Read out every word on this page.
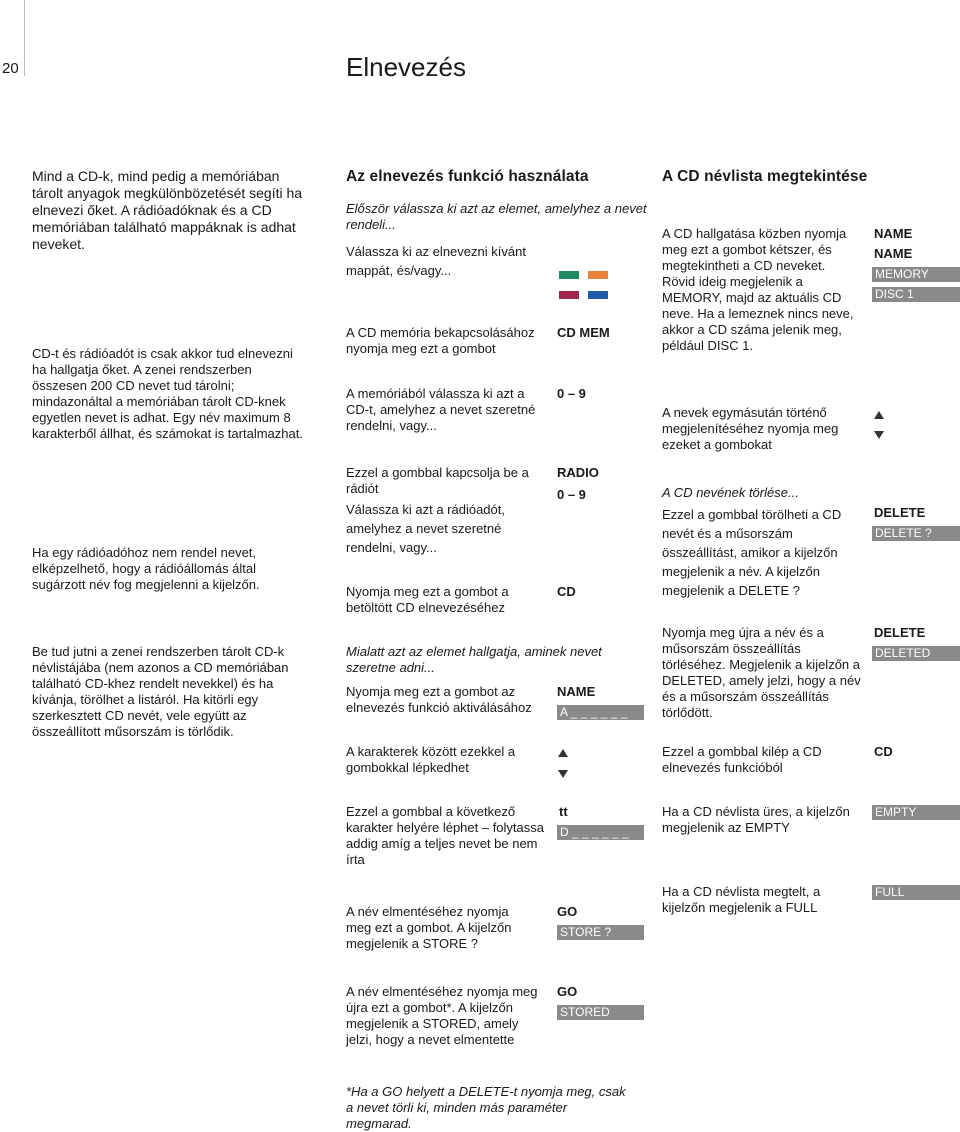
20	Elnevezés
Mind a CD-k, mind pedig a memóriában tárolt anyagok megkülönbözetését segíti ha elnevezi őket. A rádióadóknak és a CD memóriában található mappáknak is adhat neveket.
CD-t és rádióadót is csak akkor tud elnevezni ha hallgatja őket. A zenei rendszerben összesen 200 CD nevet tud tárolni; mindazonáltal a memóriában tárolt CD-knek egyetlen nevet is adhat. Egy név maximum 8 karakterből állhat, és számokat is tartalmazhat.
Ha egy rádióadóhoz nem rendel nevet, elképzelhető, hogy a rádióállomás által sugárzott név fog megjelenni a kijelzőn.
Be tud jutni a zenei rendszerben tárolt CD-k névlistájába (nem azonos a CD memóriában található CD-khez rendelt nevekkel) és ha kívánja, törölhet a listáról. Ha kitörli egy szerkesztett CD nevét, vele együtt az összeállított műsorszám is törlődik.
Az elnevezés funkció használata
Először válassza ki azt az elemet, amelyhez a nevet rendeli...
Válassza ki az elnevezni kívánt mappát, és/vagy...
A CD memória bekapcsolásához nyomja meg ezt a gombot
CD MEM
A memóriából válassza ki azt a CD-t, amelyhez a nevet szeretné rendelni, vagy...
0 – 9
Ezzel a gombbal kapcsolja be a rádiót
RADIO
Válassza ki azt a rádióadót, amelyhez a nevet szeretné rendelni, vagy...
0 – 9
Nyomja meg ezt a gombot a betöltött CD elnevezéséhez
CD
Mialatt azt az elemet hallgatja, aminek nevet szeretne adni...
Nyomja meg ezt a gombot az elnevezés funkció aktiválásához
NAME
A _ _ _ _ _ _
A karakterek között ezekkel a gombokkal lépkedhet
Ezzel a gombbal a következő karakter helyére léphet – folytassa addig amíg a teljes nevet be nem írta
tt
D _ _ _ _ _ _
A név elmentéséhez nyomja meg ezt a gombot. A kijelzőn megjelenik a STORE ?
GO
STORE ?
A név elmentéséhez nyomja meg újra ezt a gombot*. A kijelzőn megjelenik a STORED, amely jelzi, hogy a nevet elmentette
GO
STORED
*Ha a GO helyett a DELETE-t nyomja meg, csak a nevet törli ki, minden más paraméter megmarad.
A CD névlista megtekintése
A CD hallgatása közben nyomja meg ezt a gombot kétszer, és megtekintheti a CD neveket. Rövid ideig megjelenik a MEMORY, majd az aktuális CD neve. Ha a lemeznek nincs neve, akkor a CD száma jelenik meg, például DISC 1.
NAME
NAME
MEMORY
DISC 1
A nevek egymásután történő megjelenítéséhez nyomja meg ezeket a gombokat
A CD nevének törlése...
Ezzel a gombbal törölheti a CD nevét és a műsorszám összeállítást, amikor a kijelzőn megjelenik a név. A kijelzőn megjelenik a DELETE ?
DELETE
DELETE ?
Nyomja meg újra a név és a műsorszám összeállítás törléséhez. Megjelenik a kijelzőn a DELETED, amely jelzi, hogy a név és a műsorszám összeállítás törlődött.
DELETE
DELETED
Ezzel a gombbal kilép a CD elnevezés funkcióból
CD
Ha a CD névlista üres, a kijelzőn megjelenik az EMPTY
EMPTY
Ha a CD névlista megtelt, a kijelzőn megjelenik a FULL
FULL
